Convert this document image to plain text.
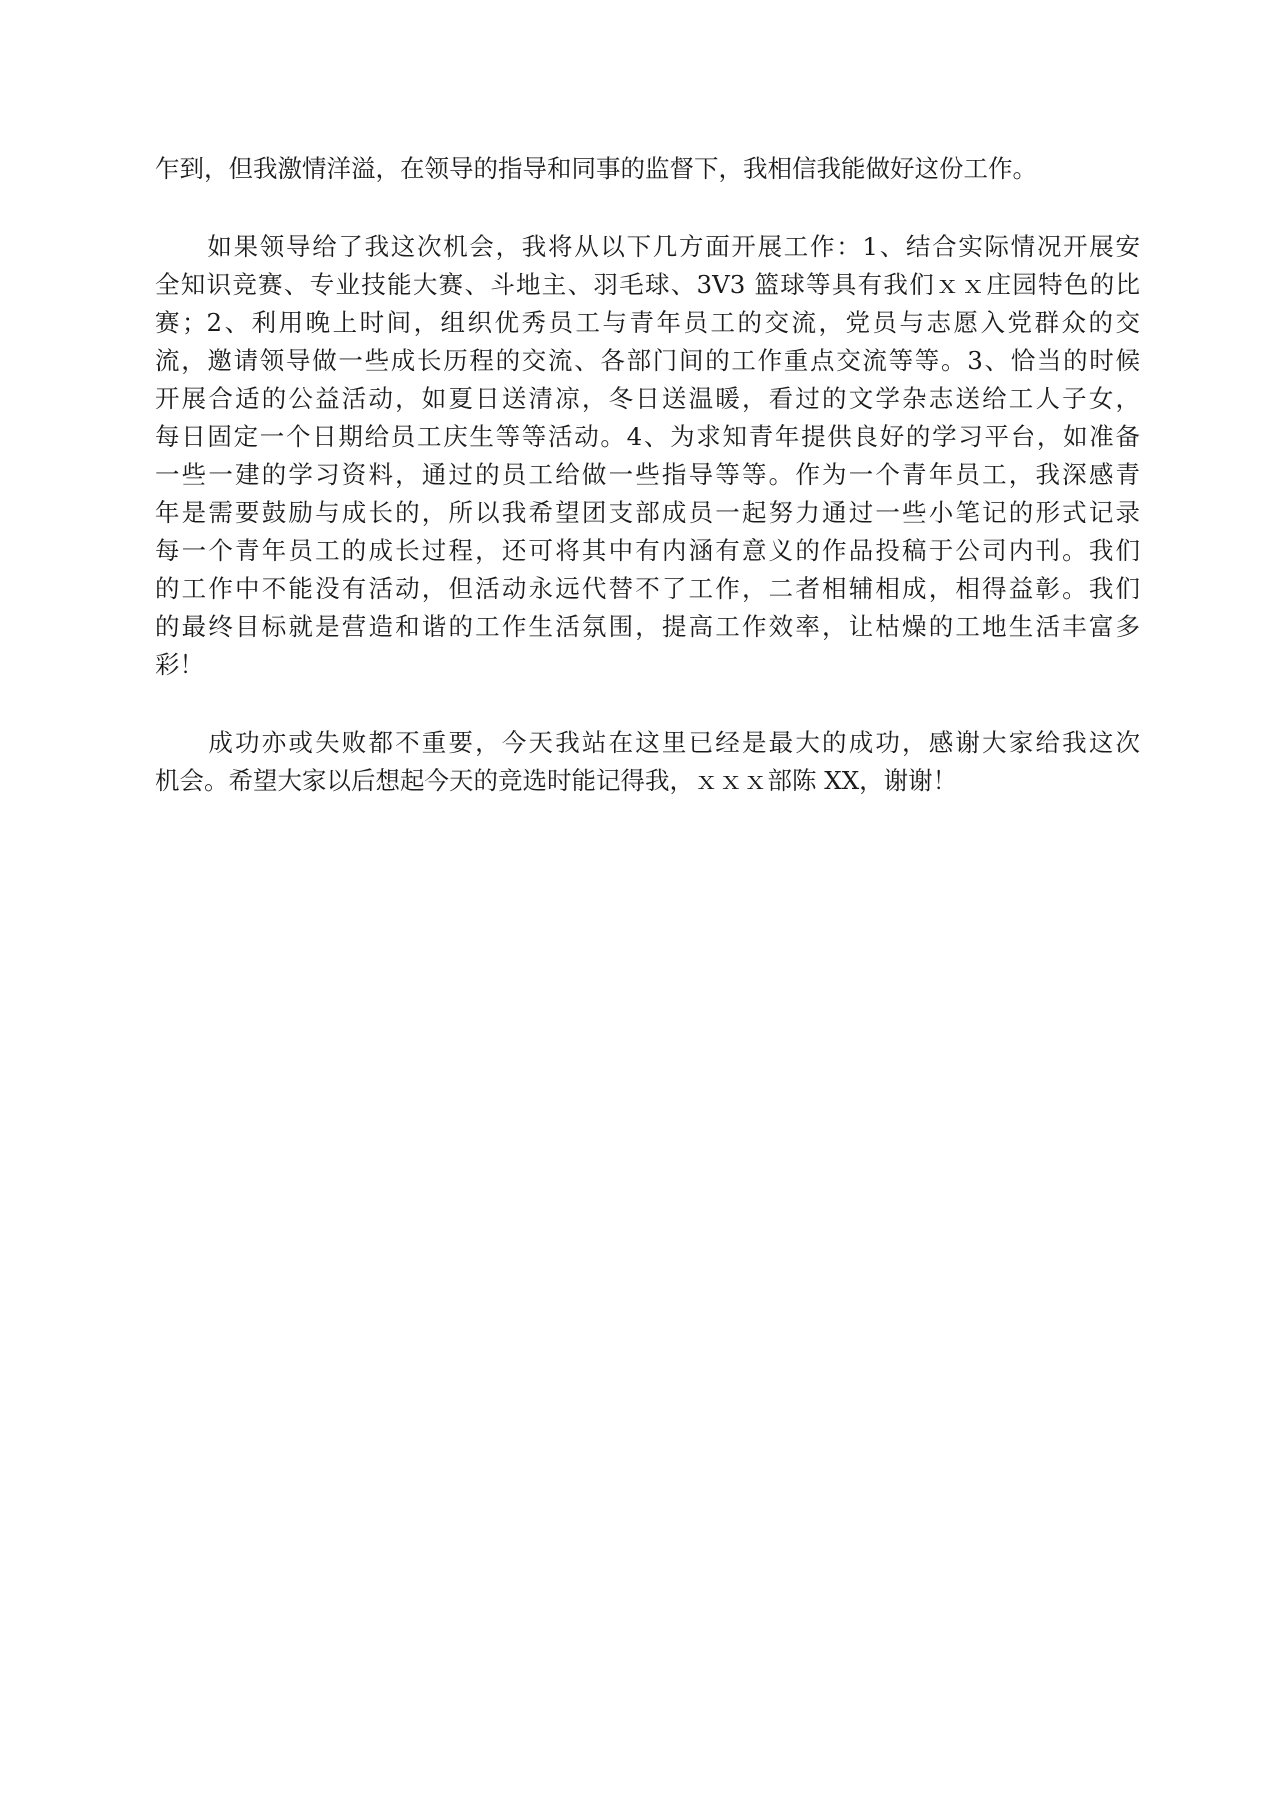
乍到，但我激情洋溢，在领导的指导和同事的监督下，我相信我能做好这份工作。

　　如果领导给了我这次机会，我将从以下几方面开展工作：1、结合实际情况开展安
全知识竞赛、专业技能大赛、斗地主、羽毛球、3V3 篮球等具有我们ｘｘ庄园特色的比
赛；2、利用晚上时间，组织优秀员工与青年员工的交流，党员与志愿入党群众的交
流，邀请领导做一些成长历程的交流、各部门间的工作重点交流等等。3、恰当的时候
开展合适的公益活动，如夏日送清凉，冬日送温暖，看过的文学杂志送给工人子女，
每日固定一个日期给员工庆生等等活动。4、为求知青年提供良好的学习平台，如准备
一些一建的学习资料，通过的员工给做一些指导等等。作为一个青年员工，我深感青
年是需要鼓励与成长的，所以我希望团支部成员一起努力通过一些小笔记的形式记录
每一个青年员工的成长过程，还可将其中有内涵有意义的作品投稿于公司内刊。我们
的工作中不能没有活动，但活动永远代替不了工作，二者相辅相成，相得益彰。我们
的最终目标就是营造和谐的工作生活氛围，提高工作效率，让枯燥的工地生活丰富多
彩！

　　成功亦或失败都不重要，今天我站在这里已经是最大的成功，感谢大家给我这次
机会。希望大家以后想起今天的竞选时能记得我，ｘｘｘ部陈 XX，谢谢！
